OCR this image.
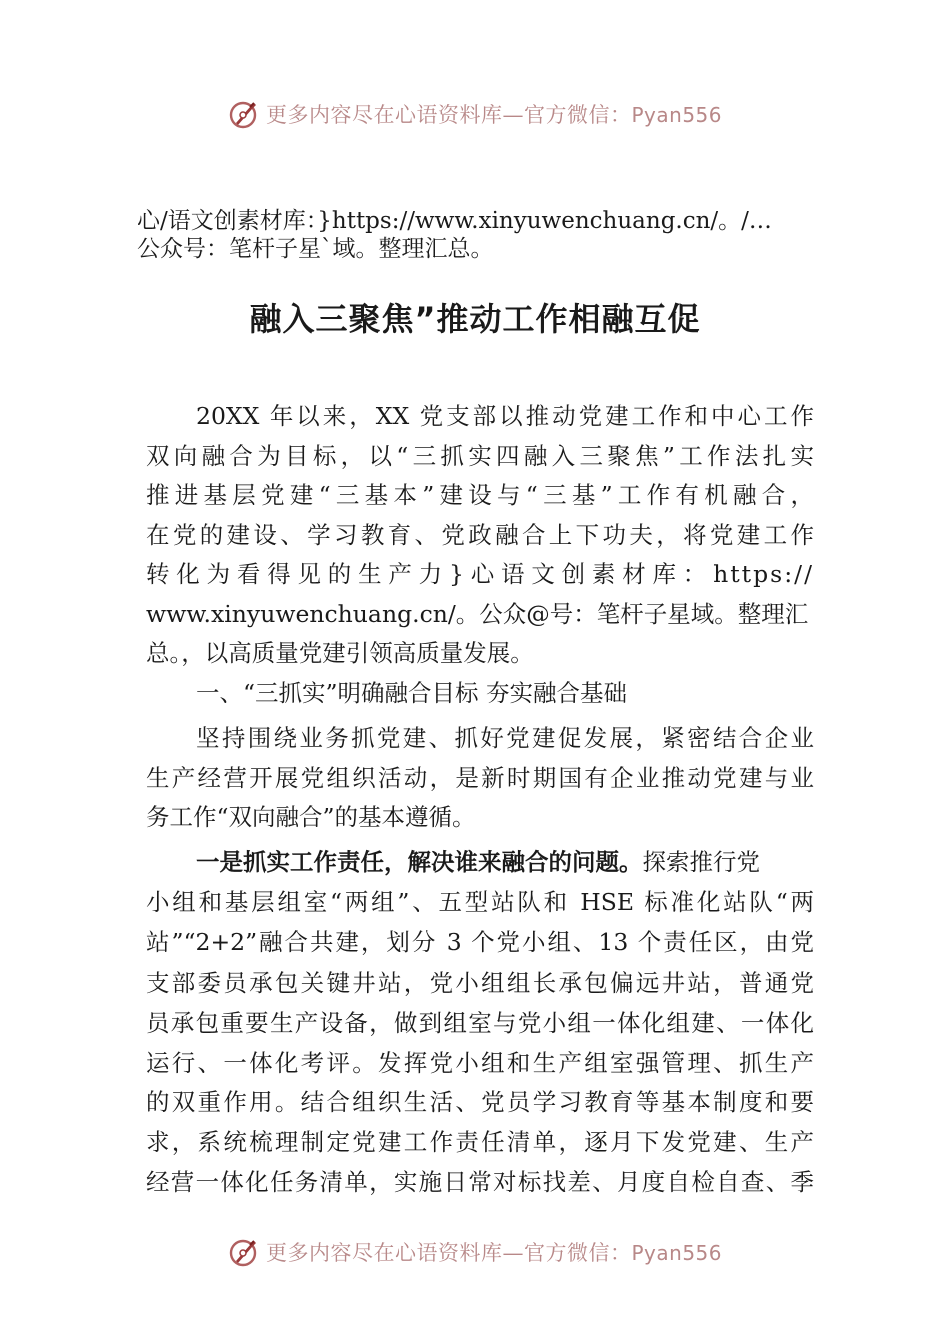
更多内容尽在心语资料库—官方微信：Pyan556
心/语文创素材库：}https://www.xinyuwenchuang.cn/。/…
公众号：笔杆子星`域。整理汇总。
融入三聚焦”推动工作相融互促
20XX 年以来，XX 党支部以推动党建工作和中心工作
双向融合为目标，以“三抓实四融入三聚焦”工作法扎实
推进基层党建“三基本”建设与“三基”工作有机融合，
在党的建设、学习教育、党政融合上下功夫，将党建工作
转化为看得见的生产力}心语文创素材库：https://
www.xinyuwenchuang.cn/。公众@号：笔杆子星域。整理汇
总。，以高质量党建引领高质量发展。
一、“三抓实”明确融合目标 夯实融合基础
坚持围绕业务抓党建、抓好党建促发展，紧密结合企业
生产经营开展党组织活动，是新时期国有企业推动党建与业
务工作“双向融合”的基本遵循。
一是抓实工作责任，解决谁来融合的问题。探索推行党
小组和基层组室“两组”、五型站队和 HSE 标准化站队“两
站”“2+2”融合共建，划分 3 个党小组、13 个责任区，由党
支部委员承包关键井站，党小组组长承包偏远井站，普通党
员承包重要生产设备，做到组室与党小组一体化组建、一体化
运行、一体化考评。发挥党小组和生产组室强管理、抓生产
的双重作用。结合组织生活、党员学习教育等基本制度和要
求，系统梳理制定党建工作责任清单，逐月下发党建、生产
经营一体化任务清单，实施日常对标找差、月度自检自查、季
更多内容尽在心语资料库—官方微信：Pyan556
